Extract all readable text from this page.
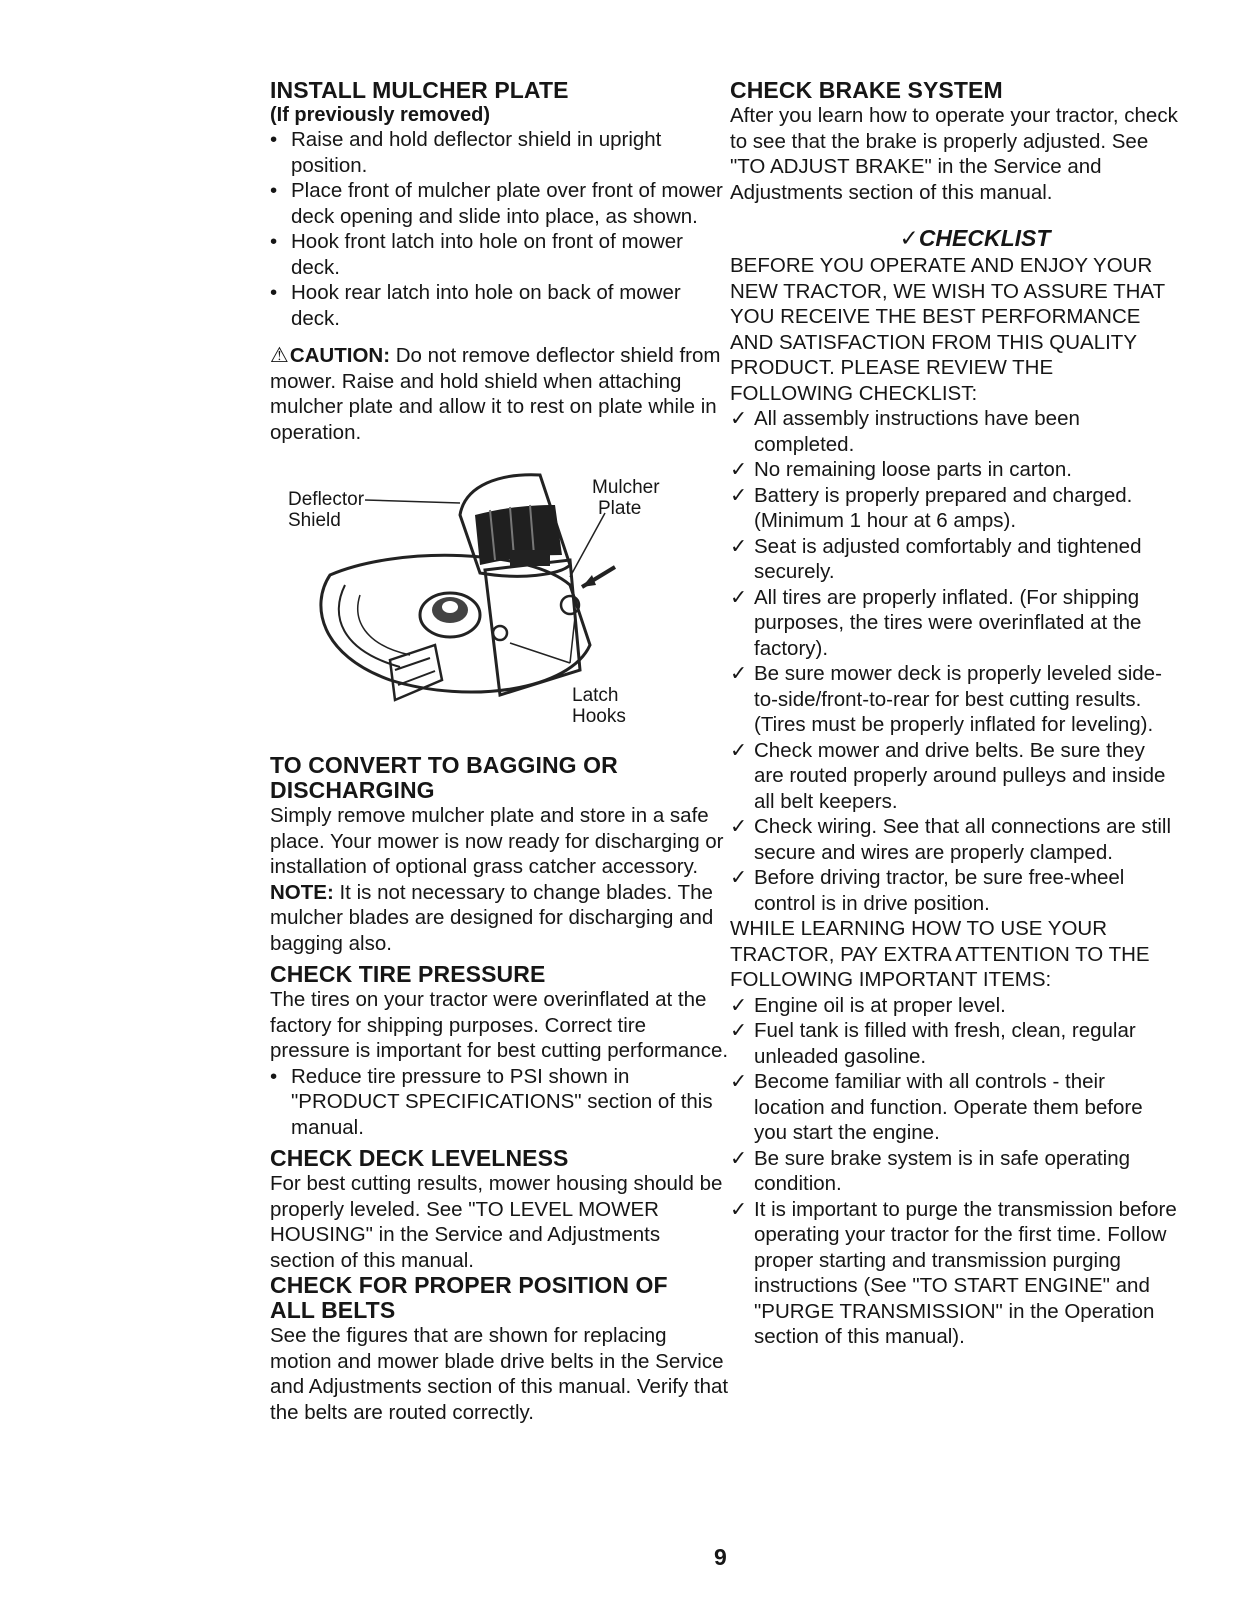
INSTALL MULCHER PLATE
(If previously removed)
• Raise and hold deflector shield in upright position.
• Place front of mulcher plate over front of mower deck opening and slide into place, as shown.
• Hook front latch into hole on front of mower deck.
• Hook rear latch into hole on back of mower deck.

⚠CAUTION: Do not remove deflector shield from mower. Raise and hold shield when attaching mulcher plate and allow it to rest on plate while in operation.

Deflector
Shield
Mulcher
Plate
Latch
Hooks
TO CONVERT TO BAGGING OR
DISCHARGING

Simply remove mulcher plate and store in a safe place. Your mower is now ready for discharging or installation of optional grass catcher accessory.

NOTE: It is not necessary to change blades. The mulcher blades are designed for discharging and bagging also.

CHECK TIRE PRESSURE

The tires on your tractor were overinflated at the factory for shipping purposes. Correct tire pressure is important for best cutting performance.

• Reduce tire pressure to PSI shown in "PRODUCT SPECIFICATIONS" section of this manual.
CHECK DECK LEVELNESS

For best cutting results, mower housing should be properly leveled. See "TO LEVEL MOWER HOUSING" in the Service and Adjustments section of this manual.

CHECK FOR PROPER POSITION OF
ALL BELTS

See the figures that are shown for replacing motion and mower blade drive belts in the Service and Adjustments section of this manual. Verify that the belts are routed correctly.

CHECK BRAKE SYSTEM

After you learn how to operate your tractor, check to see that the brake is properly adjusted. See "TO ADJUST BRAKE" in the Service and Adjustments section of this manual.

✓CHECKLIST

BEFORE YOU OPERATE AND ENJOY YOUR NEW TRACTOR, WE WISH TO ASSURE THAT YOU RECEIVE THE BEST PERFORMANCE AND SATISFACTION FROM THIS QUALITY PRODUCT. PLEASE REVIEW THE FOLLOWING CHECKLIST:

✓ All assembly instructions have been completed.
✓ No remaining loose parts in carton.
✓ Battery is properly prepared and charged. (Minimum 1 hour at 6 amps).
✓ Seat is adjusted comfortably and tightened securely.
✓ All tires are properly inflated. (For shipping purposes, the tires were overinflated at the factory).
✓ Be sure mower deck is properly leveled side-to-side/front-to-rear for best cutting results. (Tires must be properly inflated for leveling).
✓ Check mower and drive belts. Be sure they are routed properly around pulleys and inside all belt keepers.
✓ Check wiring. See that all connections are still secure and wires are properly clamped.
✓ Before driving tractor, be sure free-wheel control is in drive position.

WHILE LEARNING HOW TO USE YOUR TRACTOR, PAY EXTRA ATTENTION TO THE FOLLOWING IMPORTANT ITEMS:

✓ Engine oil is at proper level.
✓ Fuel tank is filled with fresh, clean, regular unleaded gasoline.
✓ Become familiar with all controls - their location and function. Operate them before you start the engine.
✓ Be sure brake system is in safe operating condition.
✓ It is important to purge the transmission before operating your tractor for the first time. Follow proper starting and transmission purging instructions (See "TO START ENGINE" and "PURGE TRANSMISSION" in the Operation section of this manual).
9
